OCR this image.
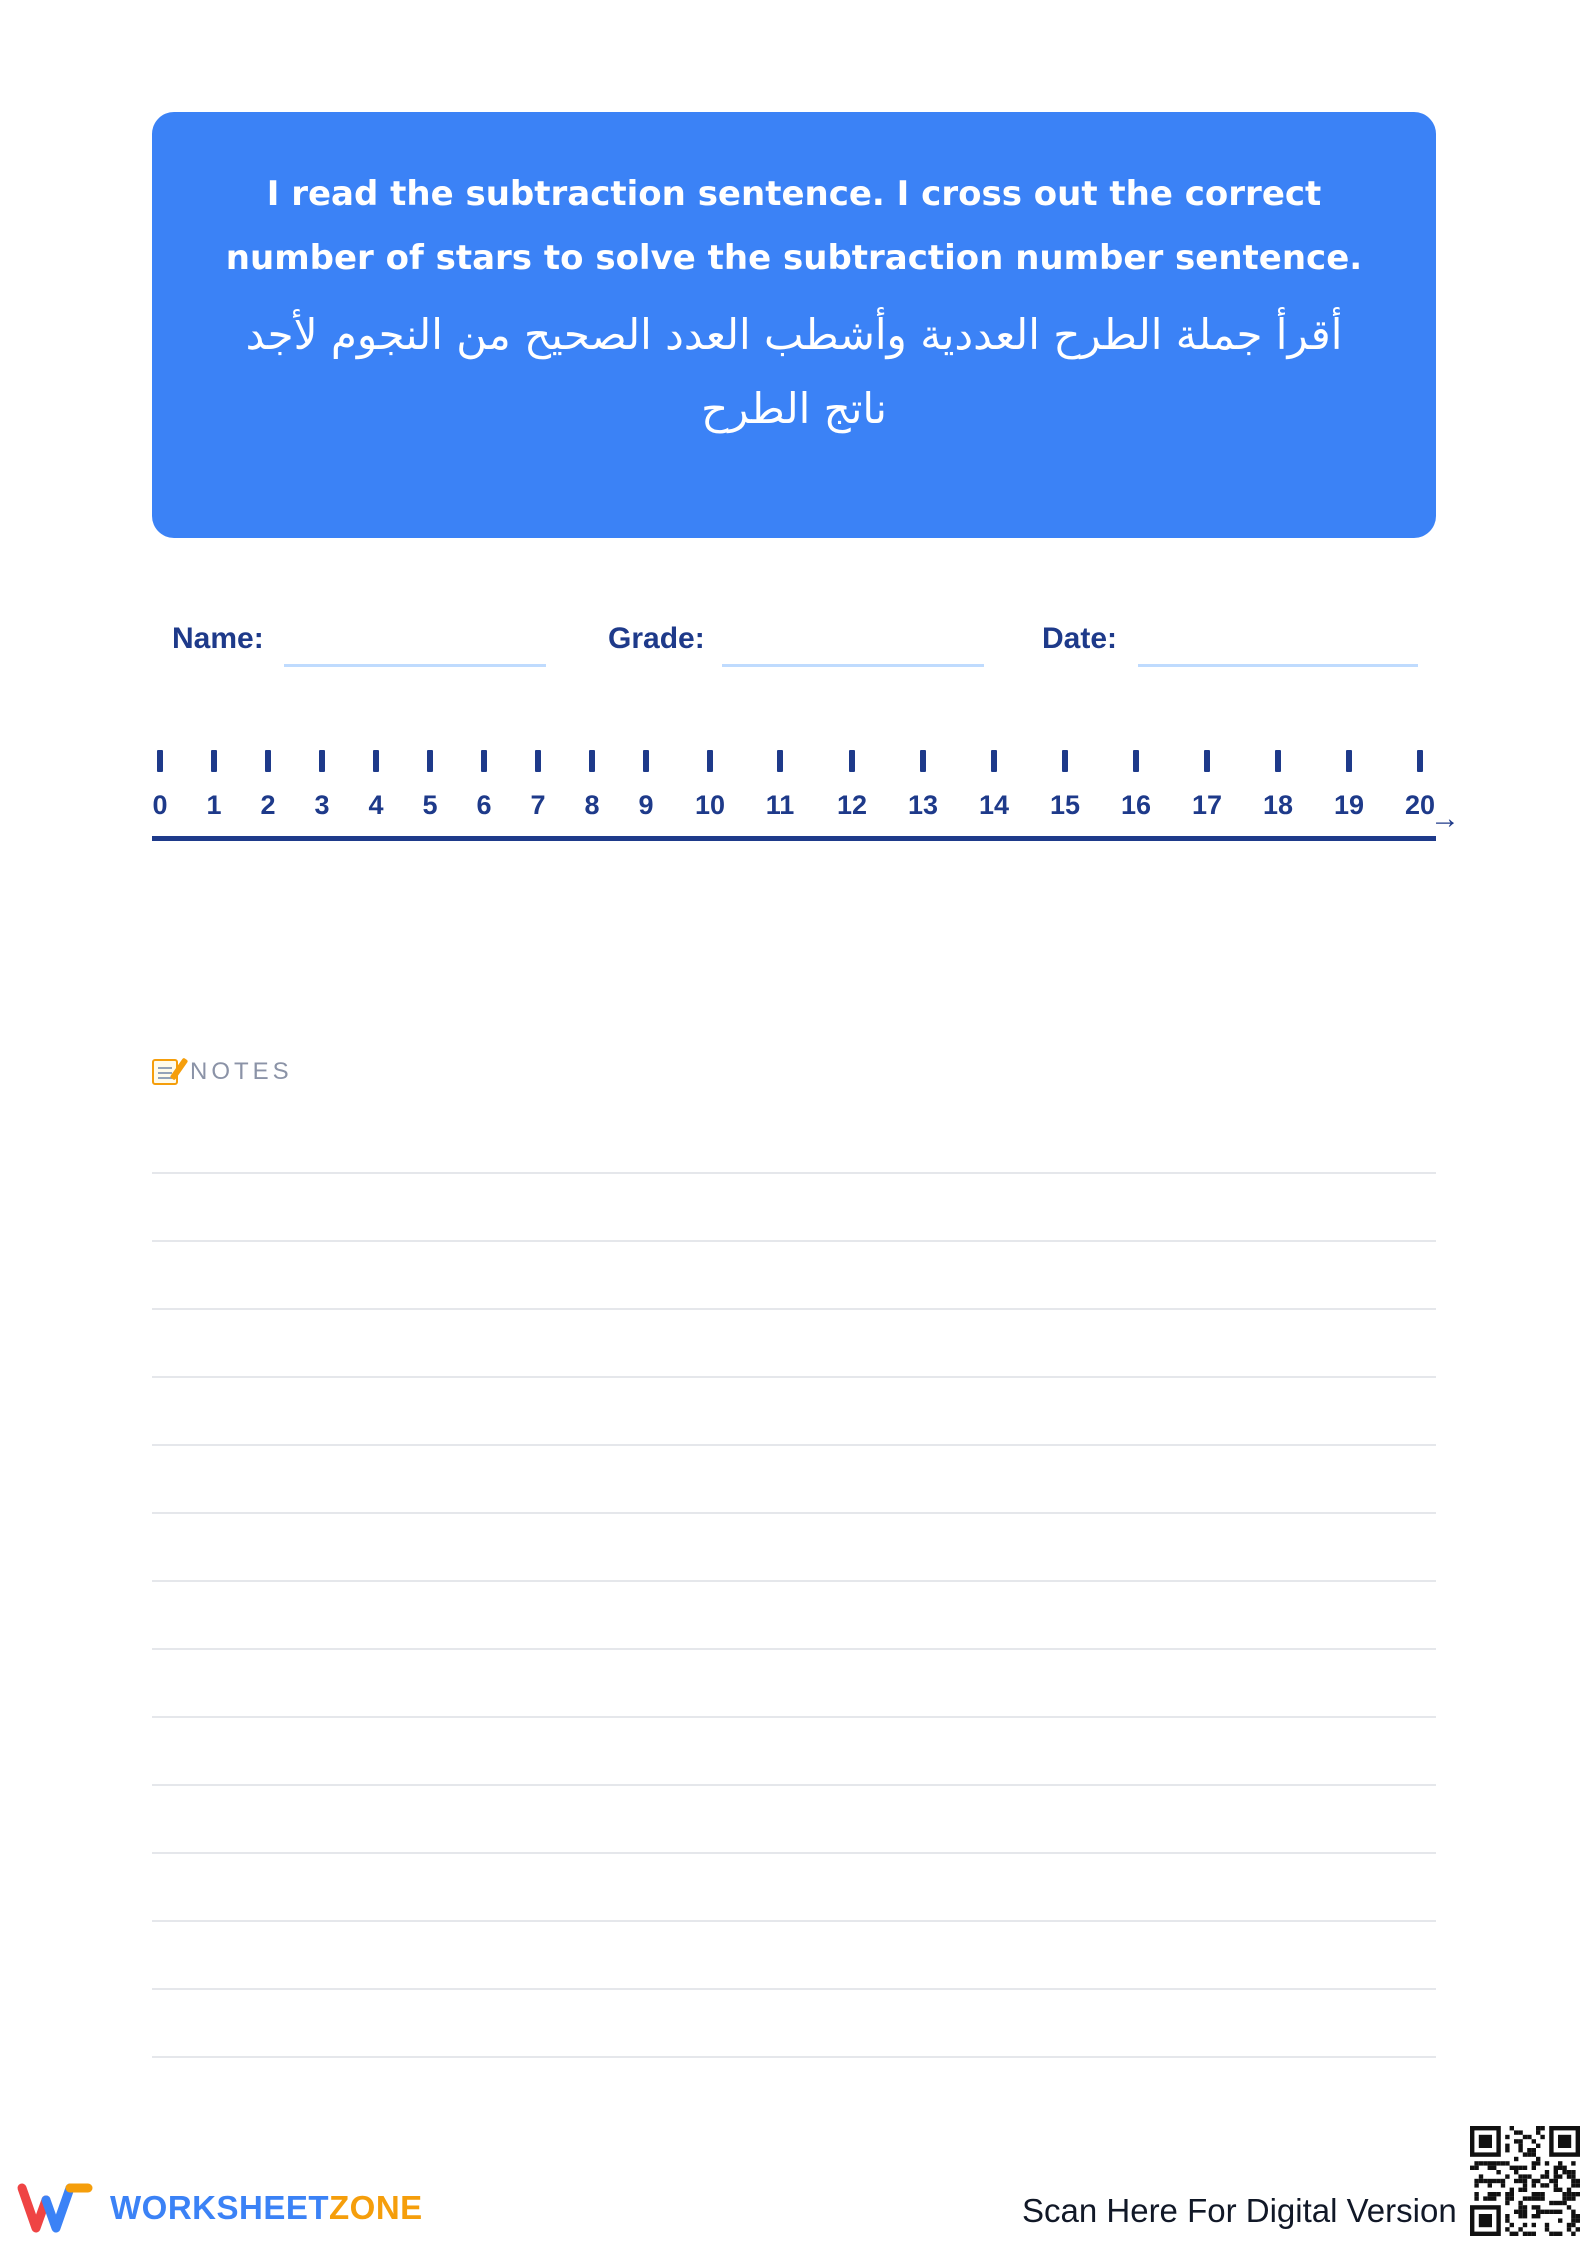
I read the subtraction sentence. I cross out the correct number of stars to solve the subtraction number sentence.

أقرأ جملة الطرح العددية وأشطب العدد الصحيح من النجوم لأجد ناتج الطرح

Name:	Grade:	Date:
→
0 1 2 3 4 5 6 7 8 9 10 11 12 13 14 15 16 17 18 19 20
NOTES
WORKSHEETZONE	Scan Here For Digital Version
